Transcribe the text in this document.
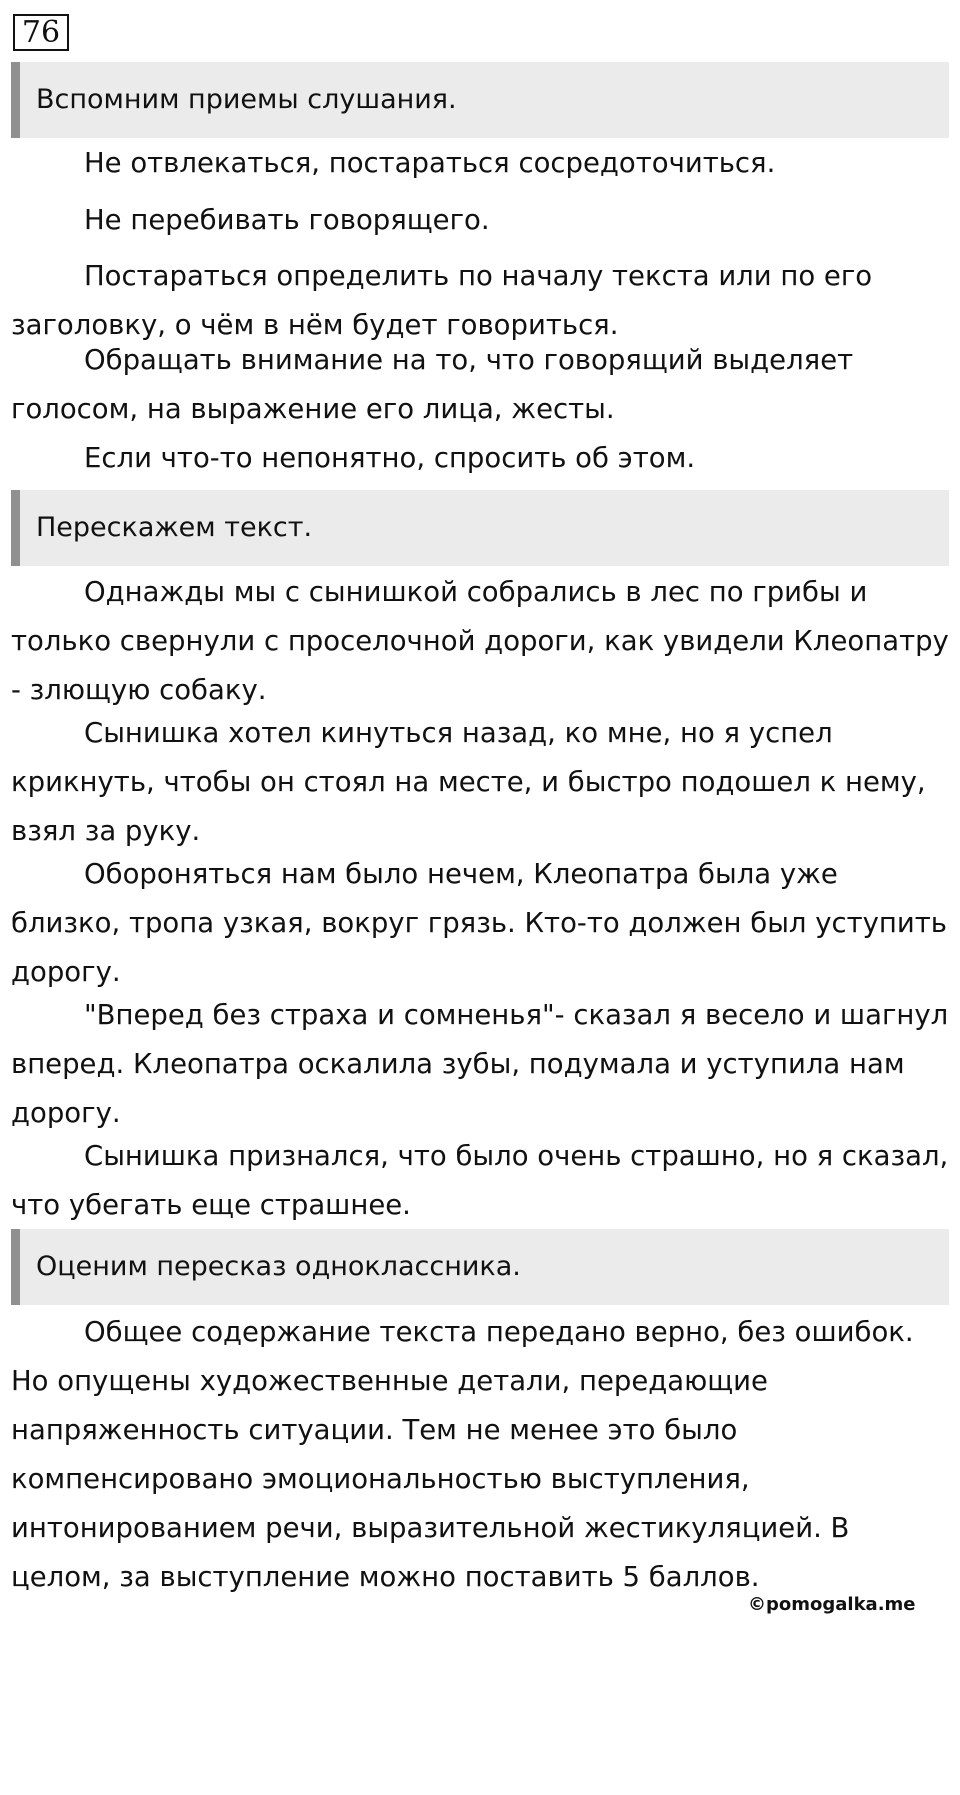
76
Вспомним приемы слушания.

Не отвлекаться, постараться сосредоточиться.

Не перебивать говорящего.

Постараться определить по началу текста или по его заголовку, о чём в нём будет говориться.

Обращать внимание на то, что говорящий выделяет голосом, на выражение его лица, жесты.

Если что-то непонятно, спросить об этом.

Перескажем текст.

Однажды мы с сынишкой собрались в лес по грибы и только свернули с проселочной дороги, как увидели Клеопатру - злющую собаку.

Сынишка хотел кинуться назад, ко мне, но я успел крикнуть, чтобы он стоял на месте, и быстро подошел к нему, взял за руку.

Обороняться нам было нечем, Клеопатра была уже близко, тропа узкая, вокруг грязь. Кто-то должен был уступить дорогу.

"Вперед без страха и сомненья"- сказал я весело и шагнул вперед. Клеопатра оскалила зубы, подумала и уступила нам дорогу.

Сынишка признался, что было очень страшно, но я сказал, что убегать еще страшнее.

Оценим пересказ одноклассника.

Общее содержание текста передано верно, без ошибок. Но опущены художественные детали, передающие напряженность ситуации. Тем не менее это было компенсировано эмоциональностью выступления, интонированием речи, выразительной жестикуляцией. В целом, за выступление можно поставить 5 баллов.

©pomogalka.me
